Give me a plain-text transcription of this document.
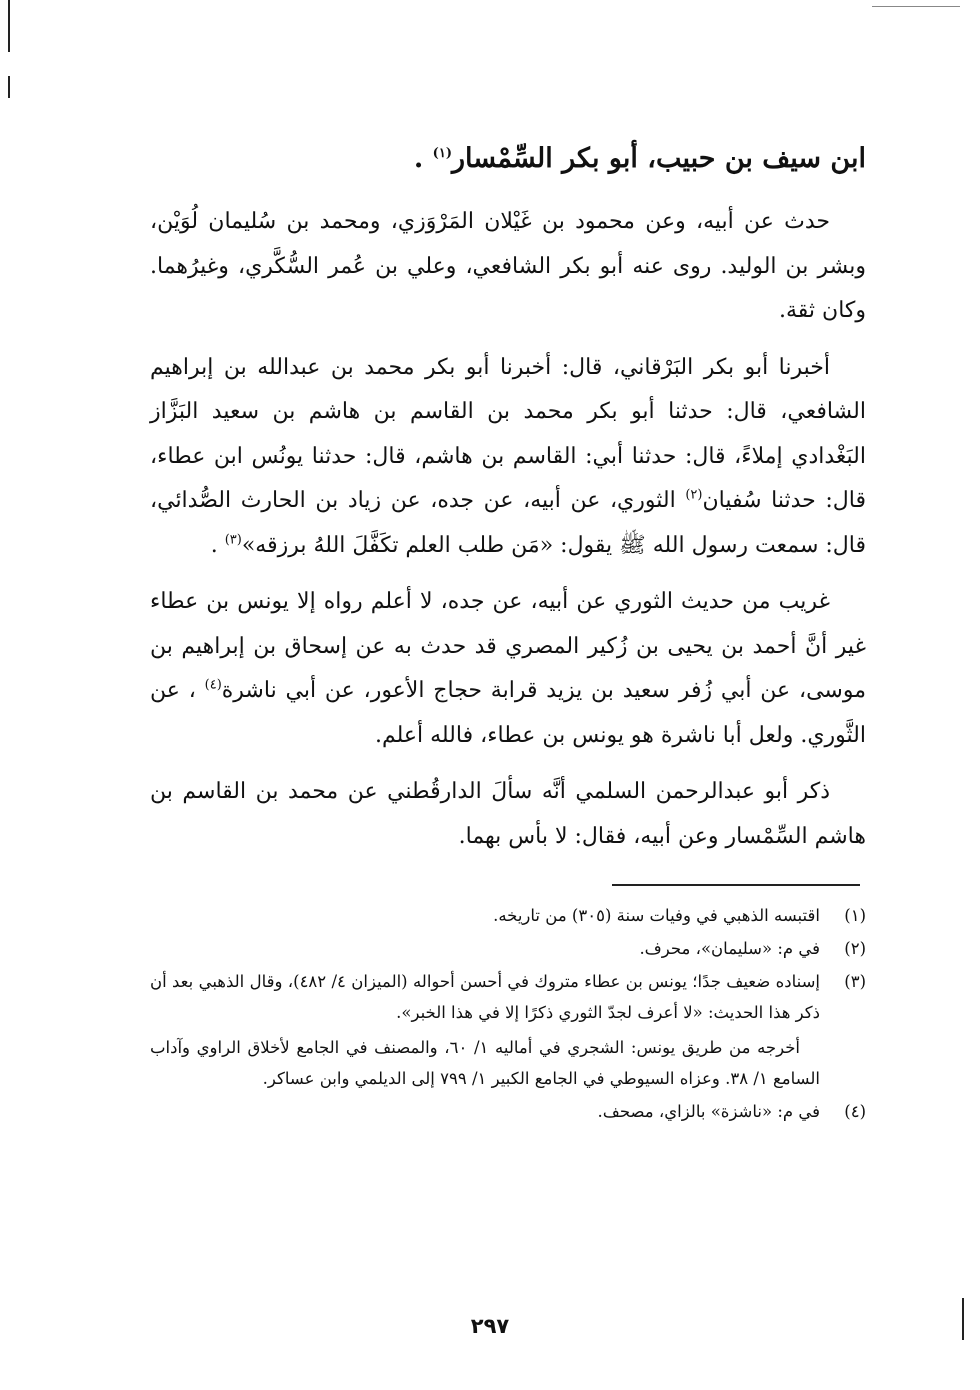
ابن سيف بن حبيب، أبو بكر السِّمْسار$^{(١)}$ .

حدث عن أبيه، وعن محمود بن غَيْلان المَرْوَزي، ومحمد بن سُليمان لُوَيْن، وبشر بن الوليد. روى عنه أبو بكر الشافعي، وعلي بن عُمر السُّكَّري، وغيرُهما. وكان ثقة.

أخبرنا أبو بكر البَرْقاني، قال: أخبرنا أبو بكر محمد بن عبدالله بن إبراهيم الشافعي، قال: حدثنا أبو بكر محمد بن القاسم بن هاشم بن سعيد البَزَّاز البَغْدادي إملاءً، قال: حدثنا أبي: القاسم بن هاشم، قال: حدثنا يونُس ابن عطاء، قال: حدثنا سُفيان$^{(٢)}$ الثوري، عن أبيه، عن جده، عن زياد بن الحارث الصُّدائي، قال: سمعت رسول الله ﷺ يقول: «مَن طلب العلم تكَفَّلَ اللهُ برزقه»$^{(٣)}$ .

غريب من حديث الثوري عن أبيه، عن جده، لا أعلم رواه إلا يونس بن عطاء غير أنَّ أحمد بن يحيى بن زُكير المصري قد حدث به عن إسحاق بن إبراهيم بن موسى، عن أبي زُفر سعيد بن يزيد قرابة حجاج الأعور، عن أبي ناشرة$^{(٤)}$ ، عن الثَّوري. ولعل أبا ناشرة هو يونس بن عطاء، فالله أعلم.

ذكر أبو عبدالرحمن السلمي أنَّه سألَ الدارقُطني عن محمد بن القاسم بن هاشم السِّمْسار وعن أبيه، فقال: لا بأس بهما.

(١)
اقتبسه الذهبي في وفيات سنة (٣٠٥) من تاريخه.
(٢)
في م: «سليمان»، محرف.
(٣)
إسناده ضعيف جدًا؛ يونس بن عطاء متروك في أحسن أحواله (الميزان ٤/ ٤٨٢)، وقال الذهبي بعد أن ذكر هذا الحديث: «لا أعرف لجدّ الثوري ذكرًا إلا في هذا الخبر».
أخرجه من طريق يونس: الشجري في أماليه ١/ ٦٠، والمصنف في الجامع لأخلاق الراوي وآداب السامع ١/ ٣٨. وعزاه السيوطي في الجامع الكبير ١/ ٧٩٩ إلى الديلمي وابن عساكر.
(٤)
في م: «ناشزة» بالزاي، مصحف.
٢٩٧
